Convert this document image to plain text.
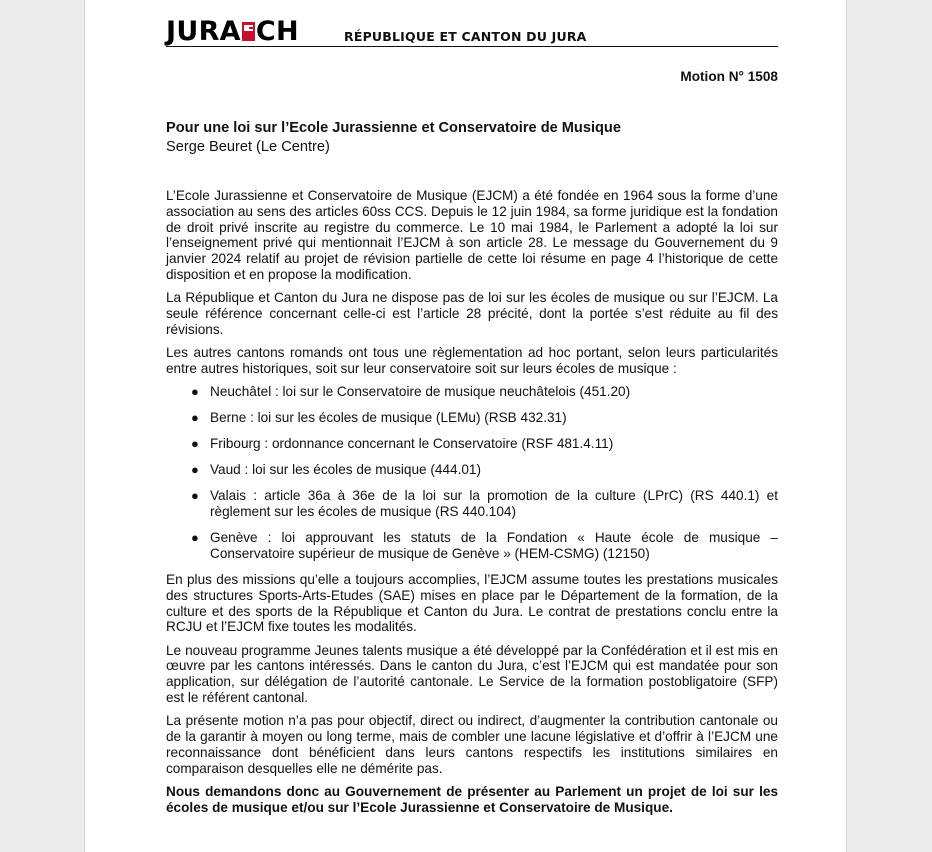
JURA CH	RÉPUBLIQUE ET CANTON DU JURA
Motion N° 1508
Pour une loi sur l’Ecole Jurassienne et Conservatoire de Musique
Serge Beuret (Le Centre)

L’Ecole Jurassienne et Conservatoire de Musique (EJCM) a été fondée en 1964 sous la forme d’une association au sens des articles 60ss CCS. Depuis le 12 juin 1984, sa forme juridique est la fondation de droit privé inscrite au registre du commerce. Le 10 mai 1984, le Parlement a adopté la loi sur l’enseignement privé qui mentionnait l’EJCM à son article 28. Le message du Gouvernement du 9 janvier 2024 relatif au projet de révision partielle de cette loi résume en page 4 l’historique de cette disposition et en propose la modification.

La République et Canton du Jura ne dispose pas de loi sur les écoles de musique ou sur l’EJCM. La seule référence concernant celle-ci est l’article 28 précité, dont la portée s’est réduite au fil des révisions.

Les autres cantons romands ont tous une règlementation ad hoc portant, selon leurs particularités entre autres historiques, soit sur leur conservatoire soit sur leurs écoles de musique :

● Neuchâtel : loi sur le Conservatoire de musique neuchâtelois (451.20)
● Berne : loi sur les écoles de musique (LEMu) (RSB 432.31)
● Fribourg : ordonnance concernant le Conservatoire (RSF 481.4.11)
● Vaud : loi sur les écoles de musique (444.01)
● Valais : article 36a à 36e de la loi sur la promotion de la culture (LPrC) (RS 440.1) et règlement sur les écoles de musique (RS 440.104)
● Genève : loi approuvant les statuts de la Fondation « Haute école de musique – Conservatoire supérieur de musique de Genève » (HEM-CSMG) (12150)

En plus des missions qu’elle a toujours accomplies, l’EJCM assume toutes les prestations musicales des structures Sports-Arts-Etudes (SAE) mises en place par le Département de la formation, de la culture et des sports de la République et Canton du Jura. Le contrat de prestations conclu entre la RCJU et l’EJCM fixe toutes les modalités.

Le nouveau programme Jeunes talents musique a été développé par la Confédération et il est mis en œuvre par les cantons intéressés. Dans le canton du Jura, c’est l’EJCM qui est mandatée pour son application, sur délégation de l’autorité cantonale. Le Service de la formation postobligatoire (SFP) est le référent cantonal.

La présente motion n’a pas pour objectif, direct ou indirect, d’augmenter la contribution cantonale ou de la garantir à moyen ou long terme, mais de combler une lacune législative et d’offrir à l’EJCM une reconnaissance dont bénéficient dans leurs cantons respectifs les institutions similaires en comparaison desquelles elle ne démérite pas.

Nous demandons donc au Gouvernement de présenter au Parlement un projet de loi sur les écoles de musique et/ou sur l’Ecole Jurassienne et Conservatoire de Musique.
